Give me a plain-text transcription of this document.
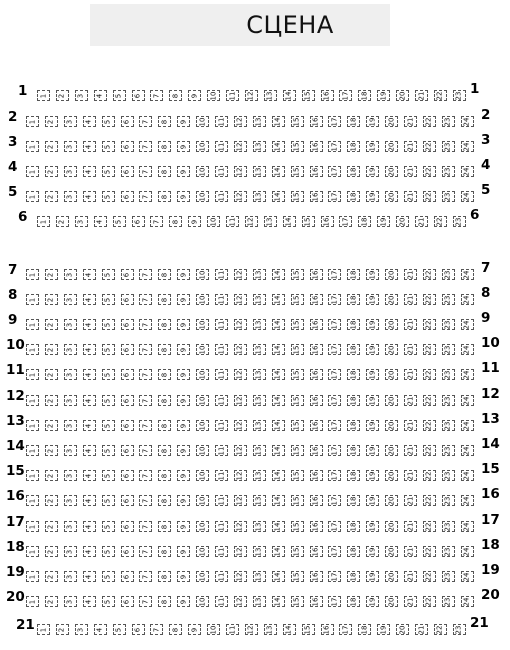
СЦЕНА
1 1 2 3 4 5 6 7 8 9 10 11 12 13 14 15 16 17 18 19 20 21 22 23 1
2 1 2 3 4 5 6 7 8 9 10 11 12 13 14 15 16 17 18 19 20 21 22 23 24 2
3 1 2 3 4 5 6 7 8 9 10 11 12 13 14 15 16 17 18 19 20 21 22 23 24 3
4 1 2 3 4 5 6 7 8 9 10 11 12 13 14 15 16 17 18 19 20 21 22 23 24 4
5 1 2 3 4 5 6 7 8 9 10 11 12 13 14 15 16 17 18 19 20 21 22 23 24 5
6 1 2 3 4 5 6 7 8 9 10 11 12 13 14 15 16 17 18 19 20 21 22 23 6
7 1 2 3 4 5 6 7 8 9 10 11 12 13 14 15 16 17 18 19 20 21 22 23 24 7
8 1 2 3 4 5 6 7 8 9 10 11 12 13 14 15 16 17 18 19 20 21 22 23 24 8
9 1 2 3 4 5 6 7 8 9 10 11 12 13 14 15 16 17 18 19 20 21 22 23 24 9
10 1 2 3 4 5 6 7 8 9 10 11 12 13 14 15 16 17 18 19 20 21 22 23 24 10
11 1 2 3 4 5 6 7 8 9 10 11 12 13 14 15 16 17 18 19 20 21 22 23 24 11
12 1 2 3 4 5 6 7 8 9 10 11 12 13 14 15 16 17 18 19 20 21 22 23 24 12
13 1 2 3 4 5 6 7 8 9 10 11 12 13 14 15 16 17 18 19 20 21 22 23 24 13
14 1 2 3 4 5 6 7 8 9 10 11 12 13 14 15 16 17 18 19 20 21 22 23 24 14
15 1 2 3 4 5 6 7 8 9 10 11 12 13 14 15 16 17 18 19 20 21 22 23 24 15
16 1 2 3 4 5 6 7 8 9 10 11 12 13 14 15 16 17 18 19 20 21 22 23 24 16
17 1 2 3 4 5 6 7 8 9 10 11 12 13 14 15 16 17 18 19 20 21 22 23 24 17
18 1 2 3 4 5 6 7 8 9 10 11 12 13 14 15 16 17 18 19 20 21 22 23 24 18
19 1 2 3 4 5 6 7 8 9 10 11 12 13 14 15 16 17 18 19 20 21 22 23 24 19
20 1 2 3 4 5 6 7 8 9 10 11 12 13 14 15 16 17 18 19 20 21 22 23 24 20
21 1 2 3 4 5 6 7 8 9 10 11 12 13 14 15 16 17 18 19 20 21 22 23 21
